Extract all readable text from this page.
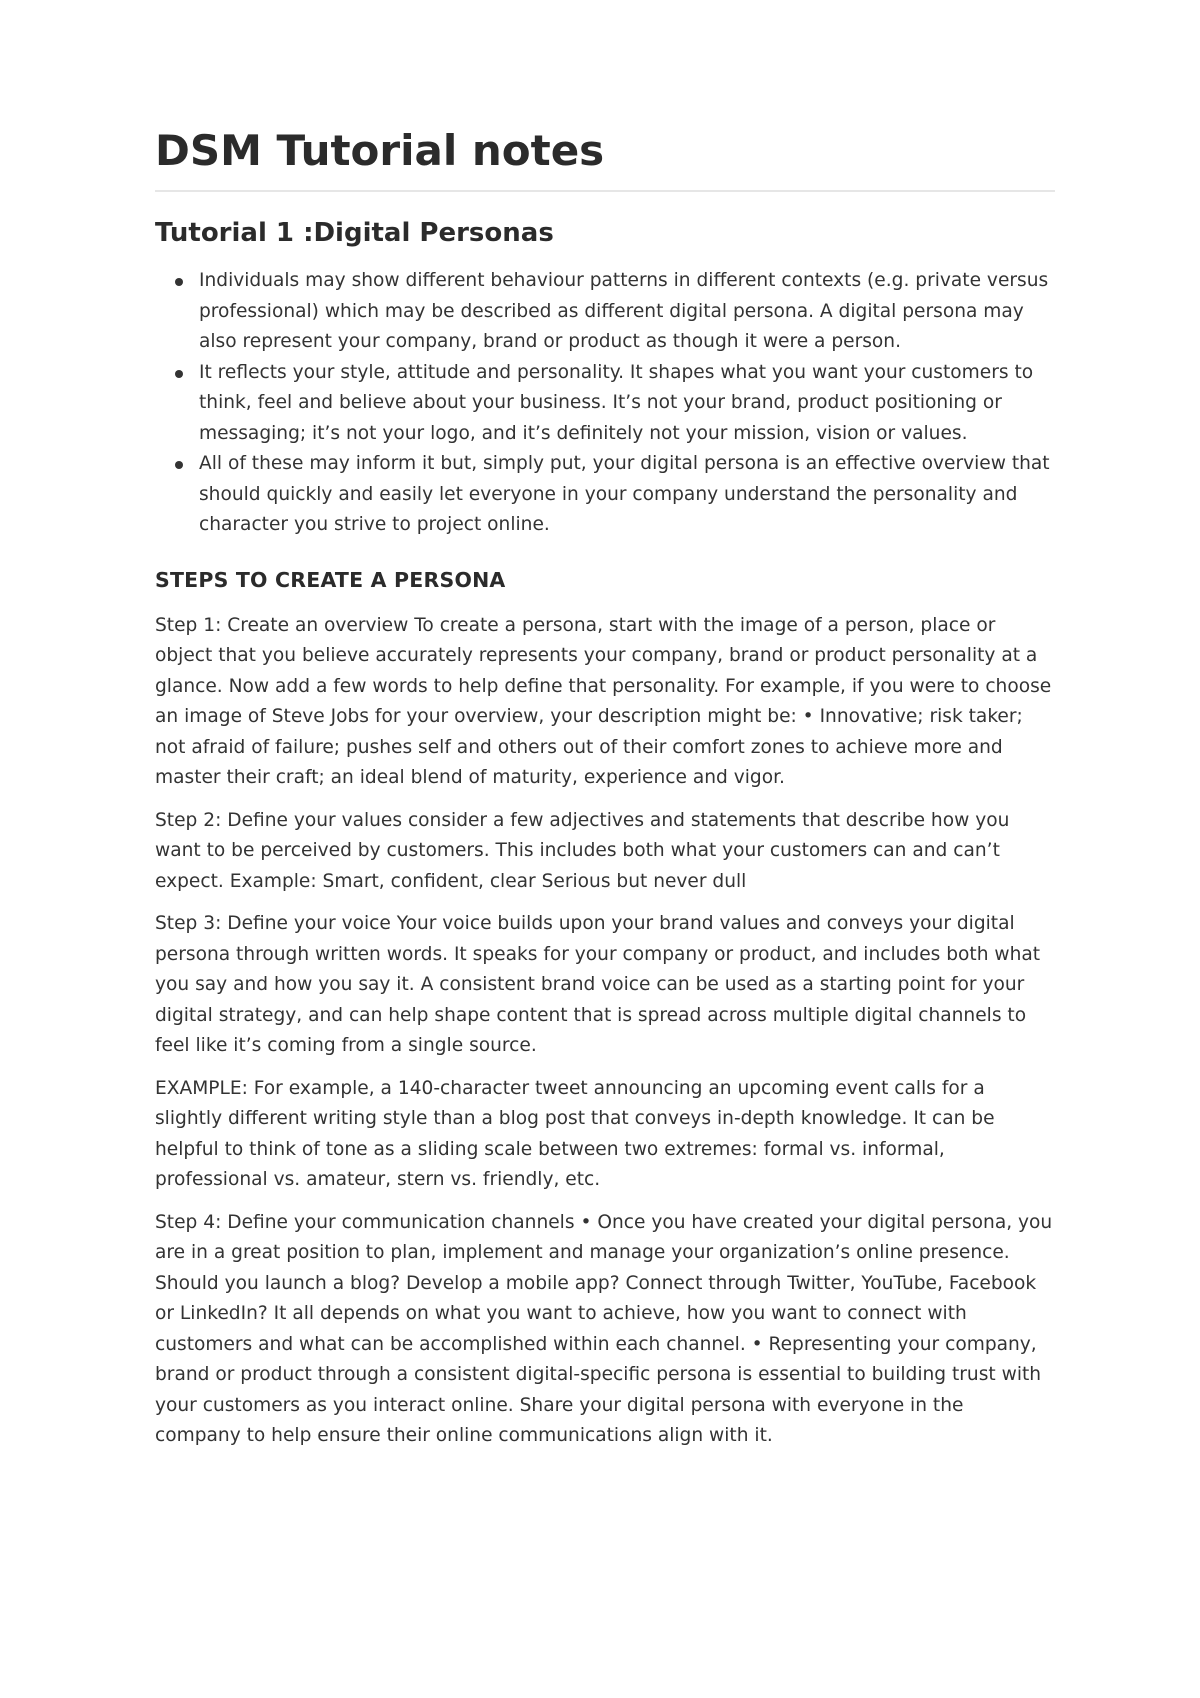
DSM Tutorial notes
Tutorial 1 :Digital Personas
Individuals may show different behaviour patterns in different contexts (e.g. private versus professional) which may be described as different digital persona. A digital persona may also represent your company, brand or product as though it were a person.
It reflects your style, attitude and personality. It shapes what you want your customers to think, feel and believe about your business. It’s not your brand, product positioning or messaging; it’s not your logo, and it’s definitely not your mission, vision or values.
All of these may inform it but, simply put, your digital persona is an effective overview that should quickly and easily let everyone in your company understand the personality and character you strive to project online.
STEPS TO CREATE A PERSONA

Step 1: Create an overview To create a persona, start with the image of a person, place or object that you believe accurately represents your company, brand or product personality at a glance. Now add a few words to help define that personality. For example, if you were to choose an image of Steve Jobs for your overview, your description might be: • Innovative; risk taker; not afraid of failure; pushes self and others out of their comfort zones to achieve more and master their craft; an ideal blend of maturity, experience and vigor.

Step 2: Define your values consider a few adjectives and statements that describe how you want to be perceived by customers. This includes both what your customers can and can’t expect. Example: Smart, confident, clear Serious but never dull

Step 3: Define your voice Your voice builds upon your brand values and conveys your digital persona through written words. It speaks for your company or product, and includes both what you say and how you say it. A consistent brand voice can be used as a starting point for your digital strategy, and can help shape content that is spread across multiple digital channels to feel like it’s coming from a single source.

EXAMPLE: For example, a 140-character tweet announcing an upcoming event calls for a slightly different writing style than a blog post that conveys in-depth knowledge. It can be helpful to think of tone as a sliding scale between two extremes: formal vs. informal, professional vs. amateur, stern vs. friendly, etc.

Step 4: Define your communication channels • Once you have created your digital persona, you are in a great position to plan, implement and manage your organization’s online presence. Should you launch a blog? Develop a mobile app? Connect through Twitter, YouTube, Facebook or LinkedIn? It all depends on what you want to achieve, how you want to connect with customers and what can be accomplished within each channel. • Representing your company, brand or product through a consistent digital-specific persona is essential to building trust with your customers as you interact online. Share your digital persona with everyone in the company to help ensure their online communications align with it.
